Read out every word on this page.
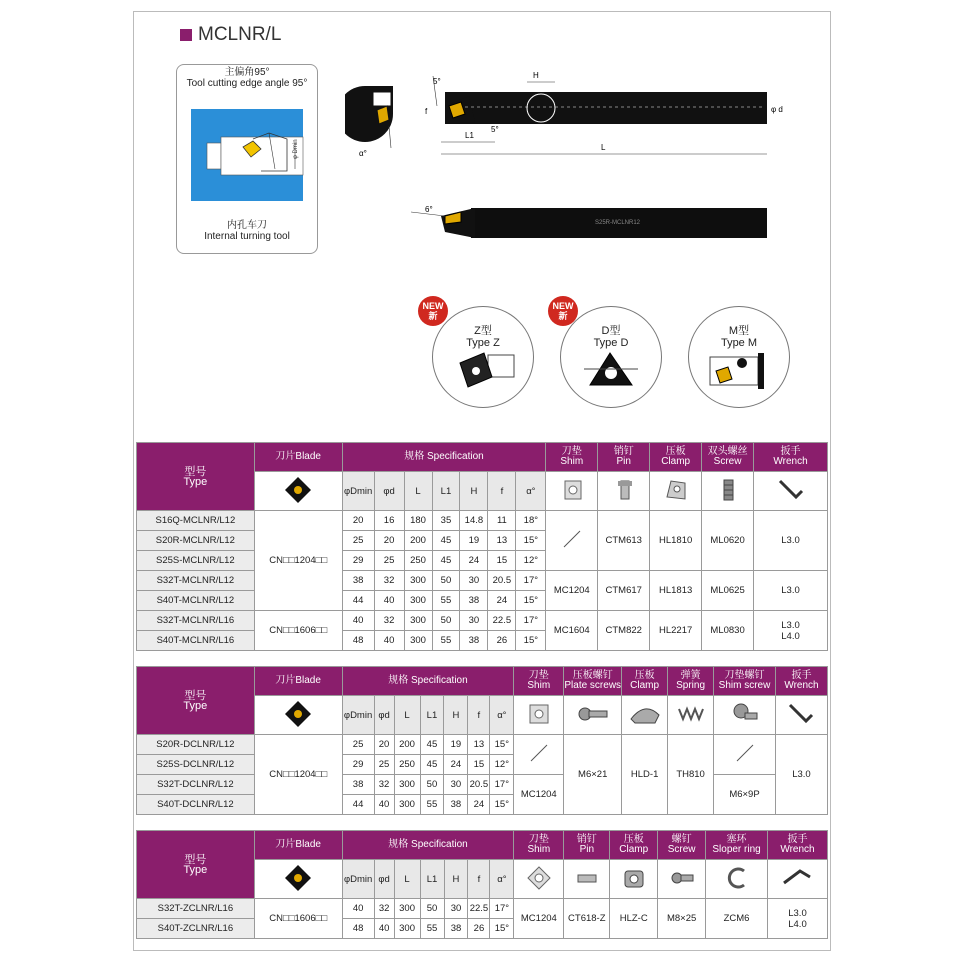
MCLNR/L
主偏角95°
Tool cutting edge angle 95°
φ Dmin
内孔车刀
Internal turning tool
α°
5°
H
f
5°
φ d
L1
L
S25R-MCLNR12
6°
Z型
Type Z
NEW
新
D型
Type D
NEW
新
M型
Type M
型号
Type	刀片Blade	规格 Specification							刀垫
Shim	销钉
Pin	压板
Clamp	双头螺丝
Screw	扳手
Wrench
	φDmin	φd	L	L1	H	f	α°					
S16Q-MCLNR/L12	CN□□1204□□	20	16	180	35	14.8	11	18°		CTM613	HL1810	ML0620	L3.0
S20R-MCLNR/L12		25	20	200	45	19	13	15°					
S25S-MCLNR/L12		29	25	250	45	24	15	12°					
S32T-MCLNR/L12		38	32	300	50	30	20.5	17°	MC1204	CTM617	HL1813	ML0625	L3.0
S40T-MCLNR/L12		44	40	300	55	38	24	15°					
S32T-MCLNR/L16	CN□□1606□□	40	32	300	50	30	22.5	17°	MC1604	CTM822	HL2217	ML0830	L3.0
L4.0
S40T-MCLNR/L16		48	40	300	55	38	26	15°					
型号
Type	刀片Blade	规格 Specification							刀垫
Shim	压板螺钉
Plate screws	压板
Clamp	弹簧
Spring	刀垫螺钉
Shim screw	扳手
Wrench
	φDmin	φd	L	L1	H	f	α°						
S20R-DCLNR/L12	CN□□1204□□	25	20	200	45	19	13	15°		M6×21	HLD-1	TH810		L3.0
S25S-DCLNR/L12		29	25	250	45	24	15	12°						
S32T-DCLNR/L12		38	32	300	50	30	20.5	17°	MC1204				M6×9P	
S40T-DCLNR/L12		44	40	300	55	38	24	15°						
型号
Type	刀片Blade	规格 Specification							刀垫
Shim	销钉
Pin	压板
Clamp	螺钉
Screw	塞环
Sloper ring	扳手
Wrench
	φDmin	φd	L	L1	H	f	α°						
S32T-ZCLNR/L16	CN□□1606□□	40	32	300	50	30	22.5	17°	MC1204	CT618-Z	HLZ-C	M8×25	ZCM6	L3.0
L4.0
S40T-ZCLNR/L16		48	40	300	55	38	26	15°						
